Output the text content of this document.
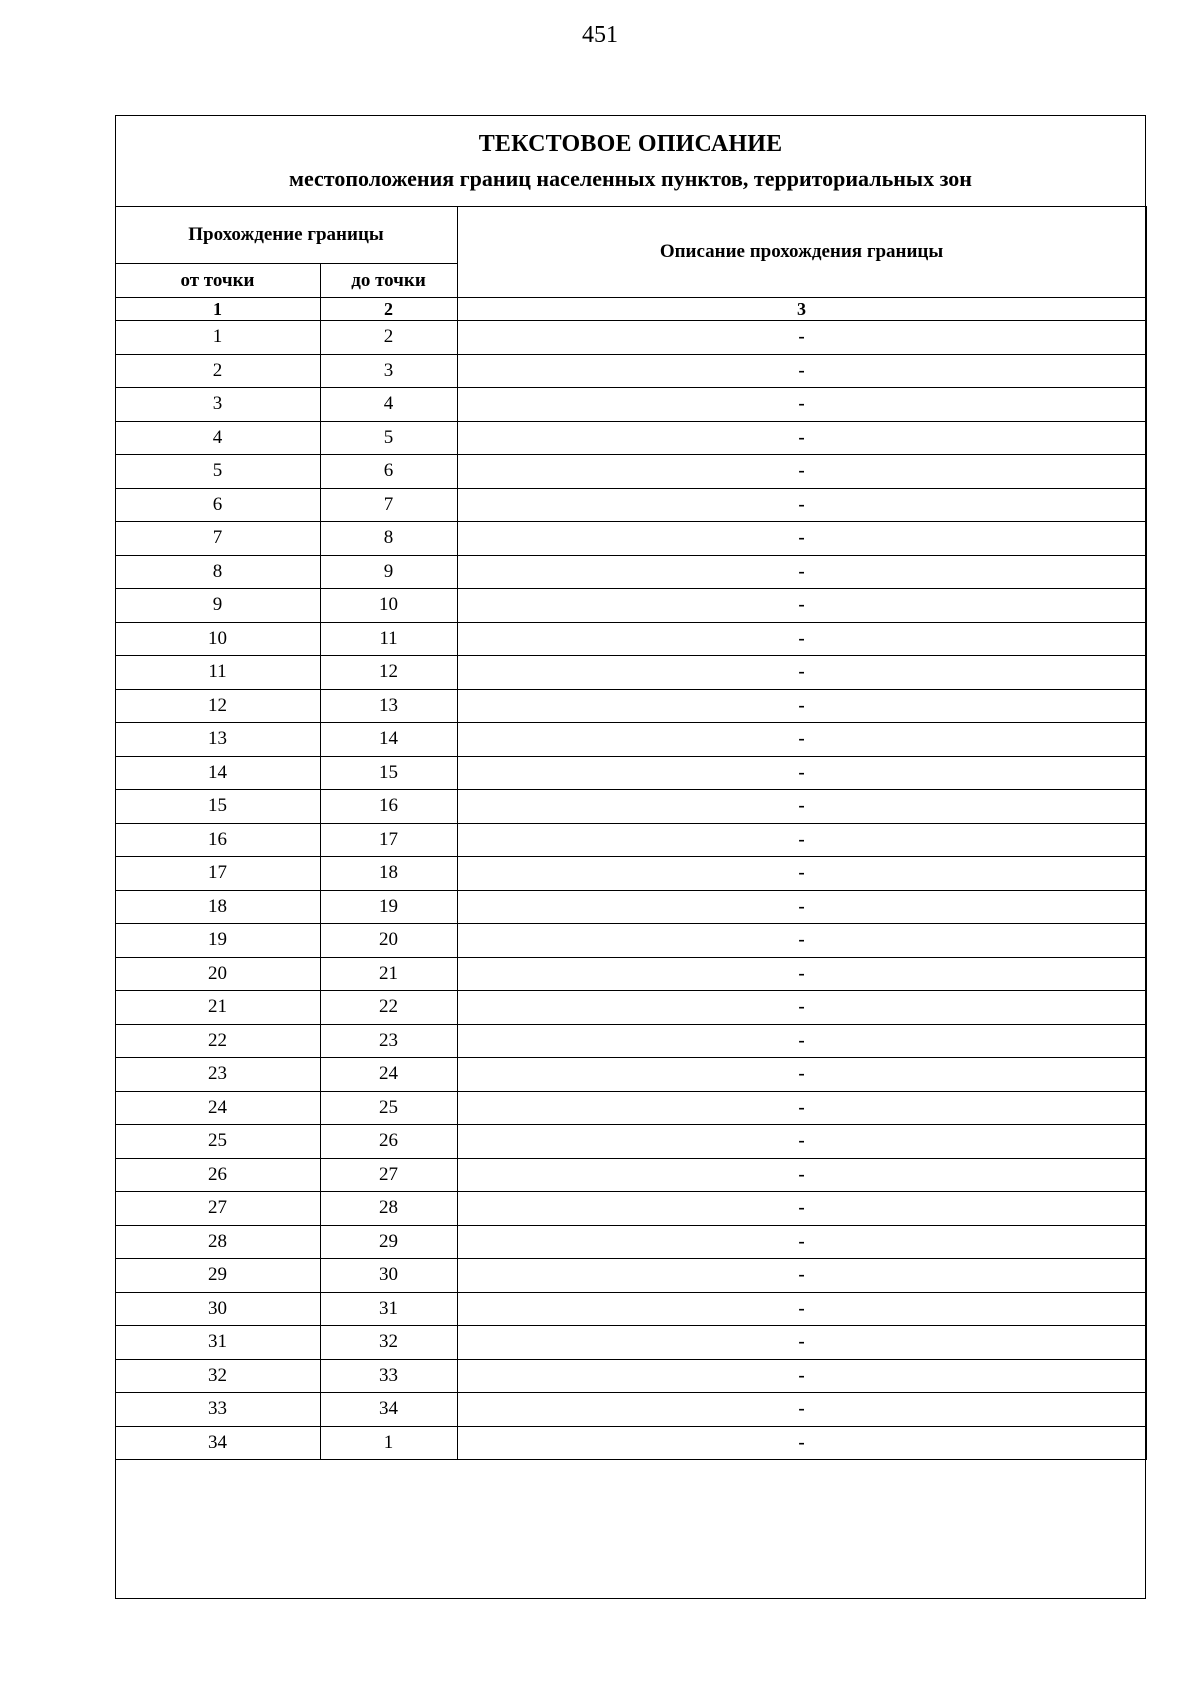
451
ТЕКСТОВОЕ ОПИСАНИЕ
местоположения границ населенных пунктов, территориальных зон
Прохождение границы		Описание прохождения границы
от точки	до точки	
1	2	3
1	2	-
2	3	-
3	4	-
4	5	-
5	6	-
6	7	-
7	8	-
8	9	-
9	10	-
10	11	-
11	12	-
12	13	-
13	14	-
14	15	-
15	16	-
16	17	-
17	18	-
18	19	-
19	20	-
20	21	-
21	22	-
22	23	-
23	24	-
24	25	-
25	26	-
26	27	-
27	28	-
28	29	-
29	30	-
30	31	-
31	32	-
32	33	-
33	34	-
34	1	-
